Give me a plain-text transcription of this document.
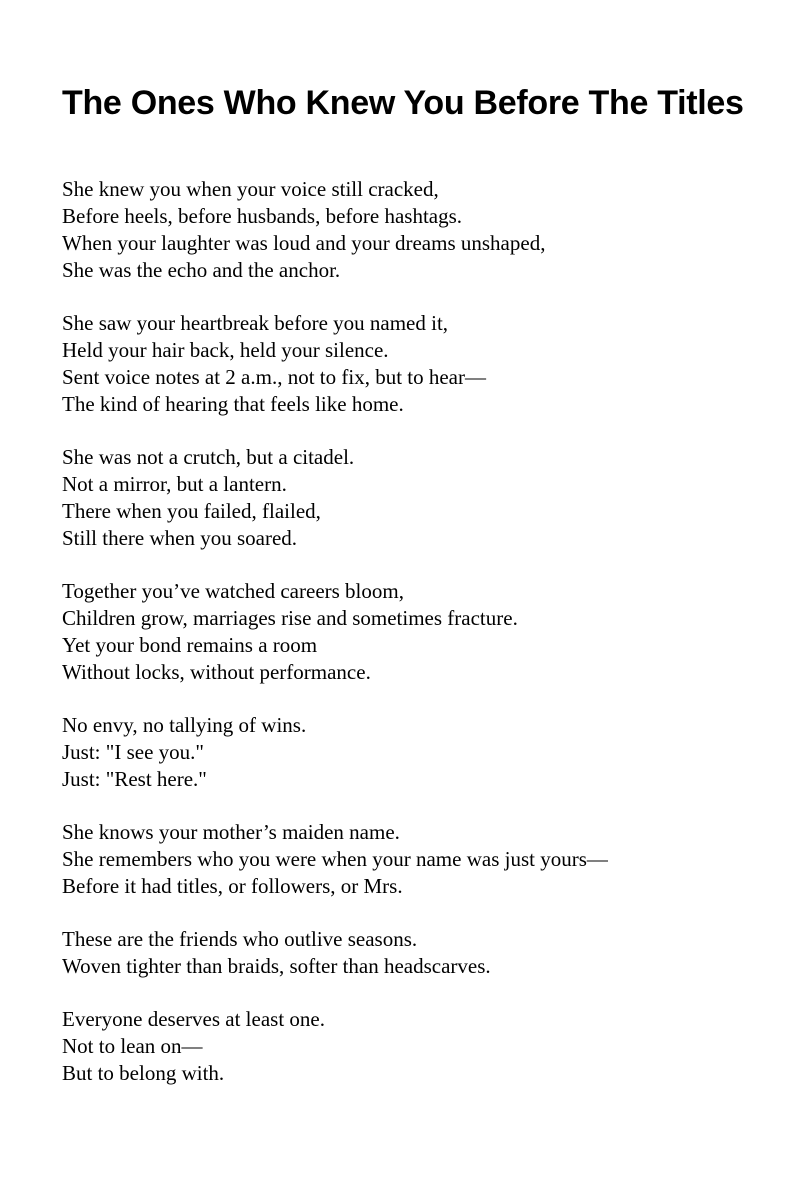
The Ones Who Knew You Before The Titles
She knew you when your voice still cracked,
Before heels, before husbands, before hashtags.
When your laughter was loud and your dreams unshaped,
She was the echo and the anchor.
She saw your heartbreak before you named it,
Held your hair back, held your silence.
Sent voice notes at 2 a.m., not to fix, but to hear—
The kind of hearing that feels like home.
She was not a crutch, but a citadel.
Not a mirror, but a lantern.
There when you failed, flailed,
Still there when you soared.
Together you’ve watched careers bloom,
Children grow, marriages rise and sometimes fracture.
Yet your bond remains a room
Without locks, without performance.
No envy, no tallying of wins.
Just: "I see you."
Just: "Rest here."
She knows your mother’s maiden name.
She remembers who you were when your name was just yours—
Before it had titles, or followers, or Mrs.
These are the friends who outlive seasons.
Woven tighter than braids, softer than headscarves.
Everyone deserves at least one.
Not to lean on—
But to belong with.
